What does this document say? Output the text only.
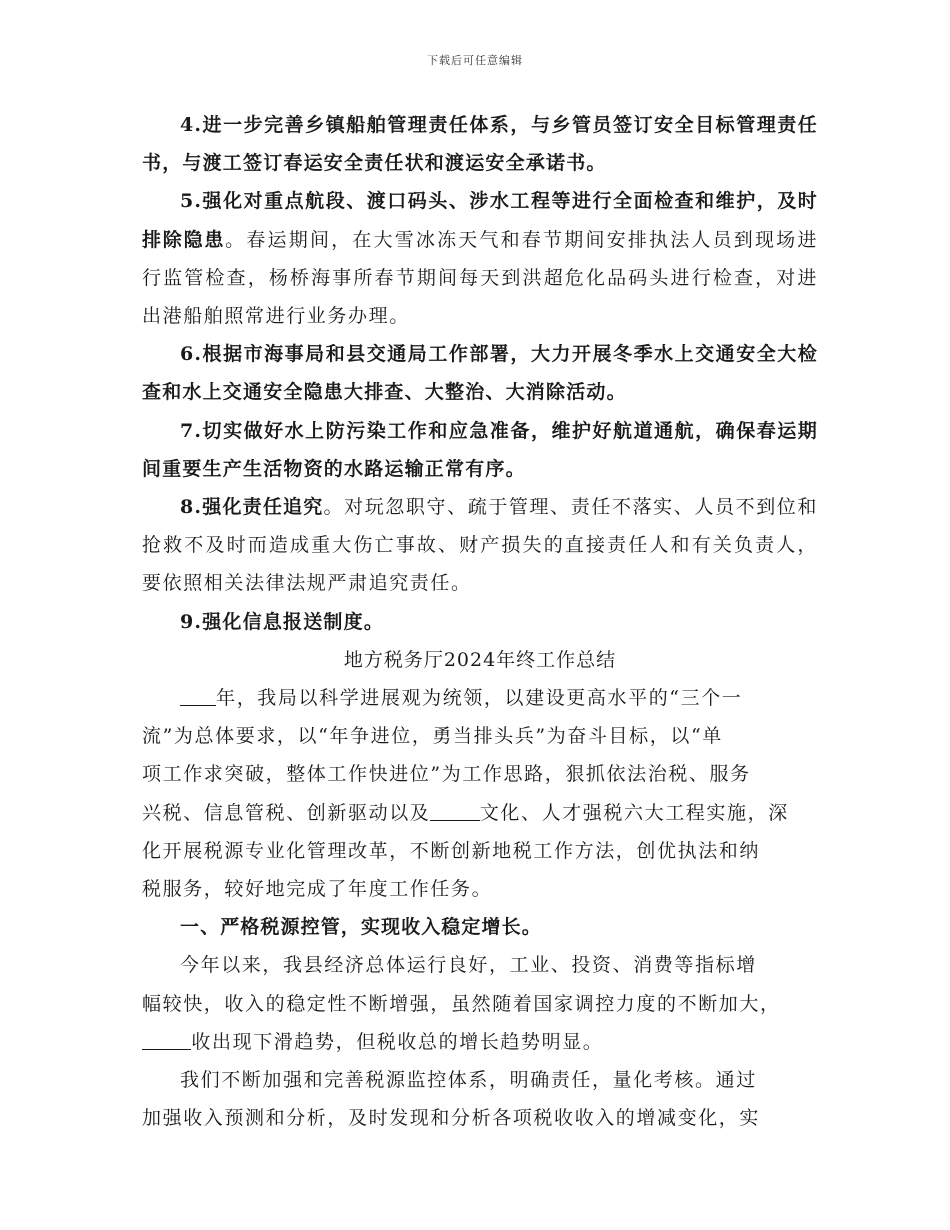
下载后可任意编辑

4.进一步完善乡镇船舶管理责任体系，与乡管员签订安全目标管理责任书，与渡工签订春运安全责任状和渡运安全承诺书。

5.强化对重点航段、渡口码头、涉水工程等进行全面检查和维护，及时排除隐患。春运期间，在大雪冰冻天气和春节期间安排执法人员到现场进行监管检查，杨桥海事所春节期间每天到洪超危化品码头进行检查，对进出港船舶照常进行业务办理。

6.根据市海事局和县交通局工作部署，大力开展冬季水上交通安全大检查和水上交通安全隐患大排查、大整治、大消除活动。

7.切实做好水上防污染工作和应急准备，维护好航道通航，确保春运期间重要生产生活物资的水路运输正常有序。

8.强化责任追究。对玩忽职守、疏于管理、责任不落实、人员不到位和抢救不及时而造成重大伤亡事故、财产损失的直接责任人和有关负责人，要依照相关法律法规严肃追究责任。

9.强化信息报送制度。

地方税务厅2024年终工作总结

年，我局以科学进展观为统领，以建设更高水平的“三个一

流”为总体要求，以“年争进位，勇当排头兵”为奋斗目标，以“单

项工作求突破，整体工作快进位”为工作思路，狠抓依法治税、服务

兴税、信息管税、创新驱动以及	文化、人才强税六大工程实施，深

化开展税源专业化管理改革，不断创新地税工作方法，创优执法和纳

税服务，较好地完成了年度工作任务。

一、严格税源控管，实现收入稳定增长。

今年以来，我县经济总体运行良好，工业、投资、消费等指标增

幅较快，收入的稳定性不断增强，虽然随着国家调控力度的不断加大，

收出现下滑趋势，但税收总的增长趋势明显。

我们不断加强和完善税源监控体系，明确责任，量化考核。通过

加强收入预测和分析，及时发现和分析各项税收收入的增减变化，实
